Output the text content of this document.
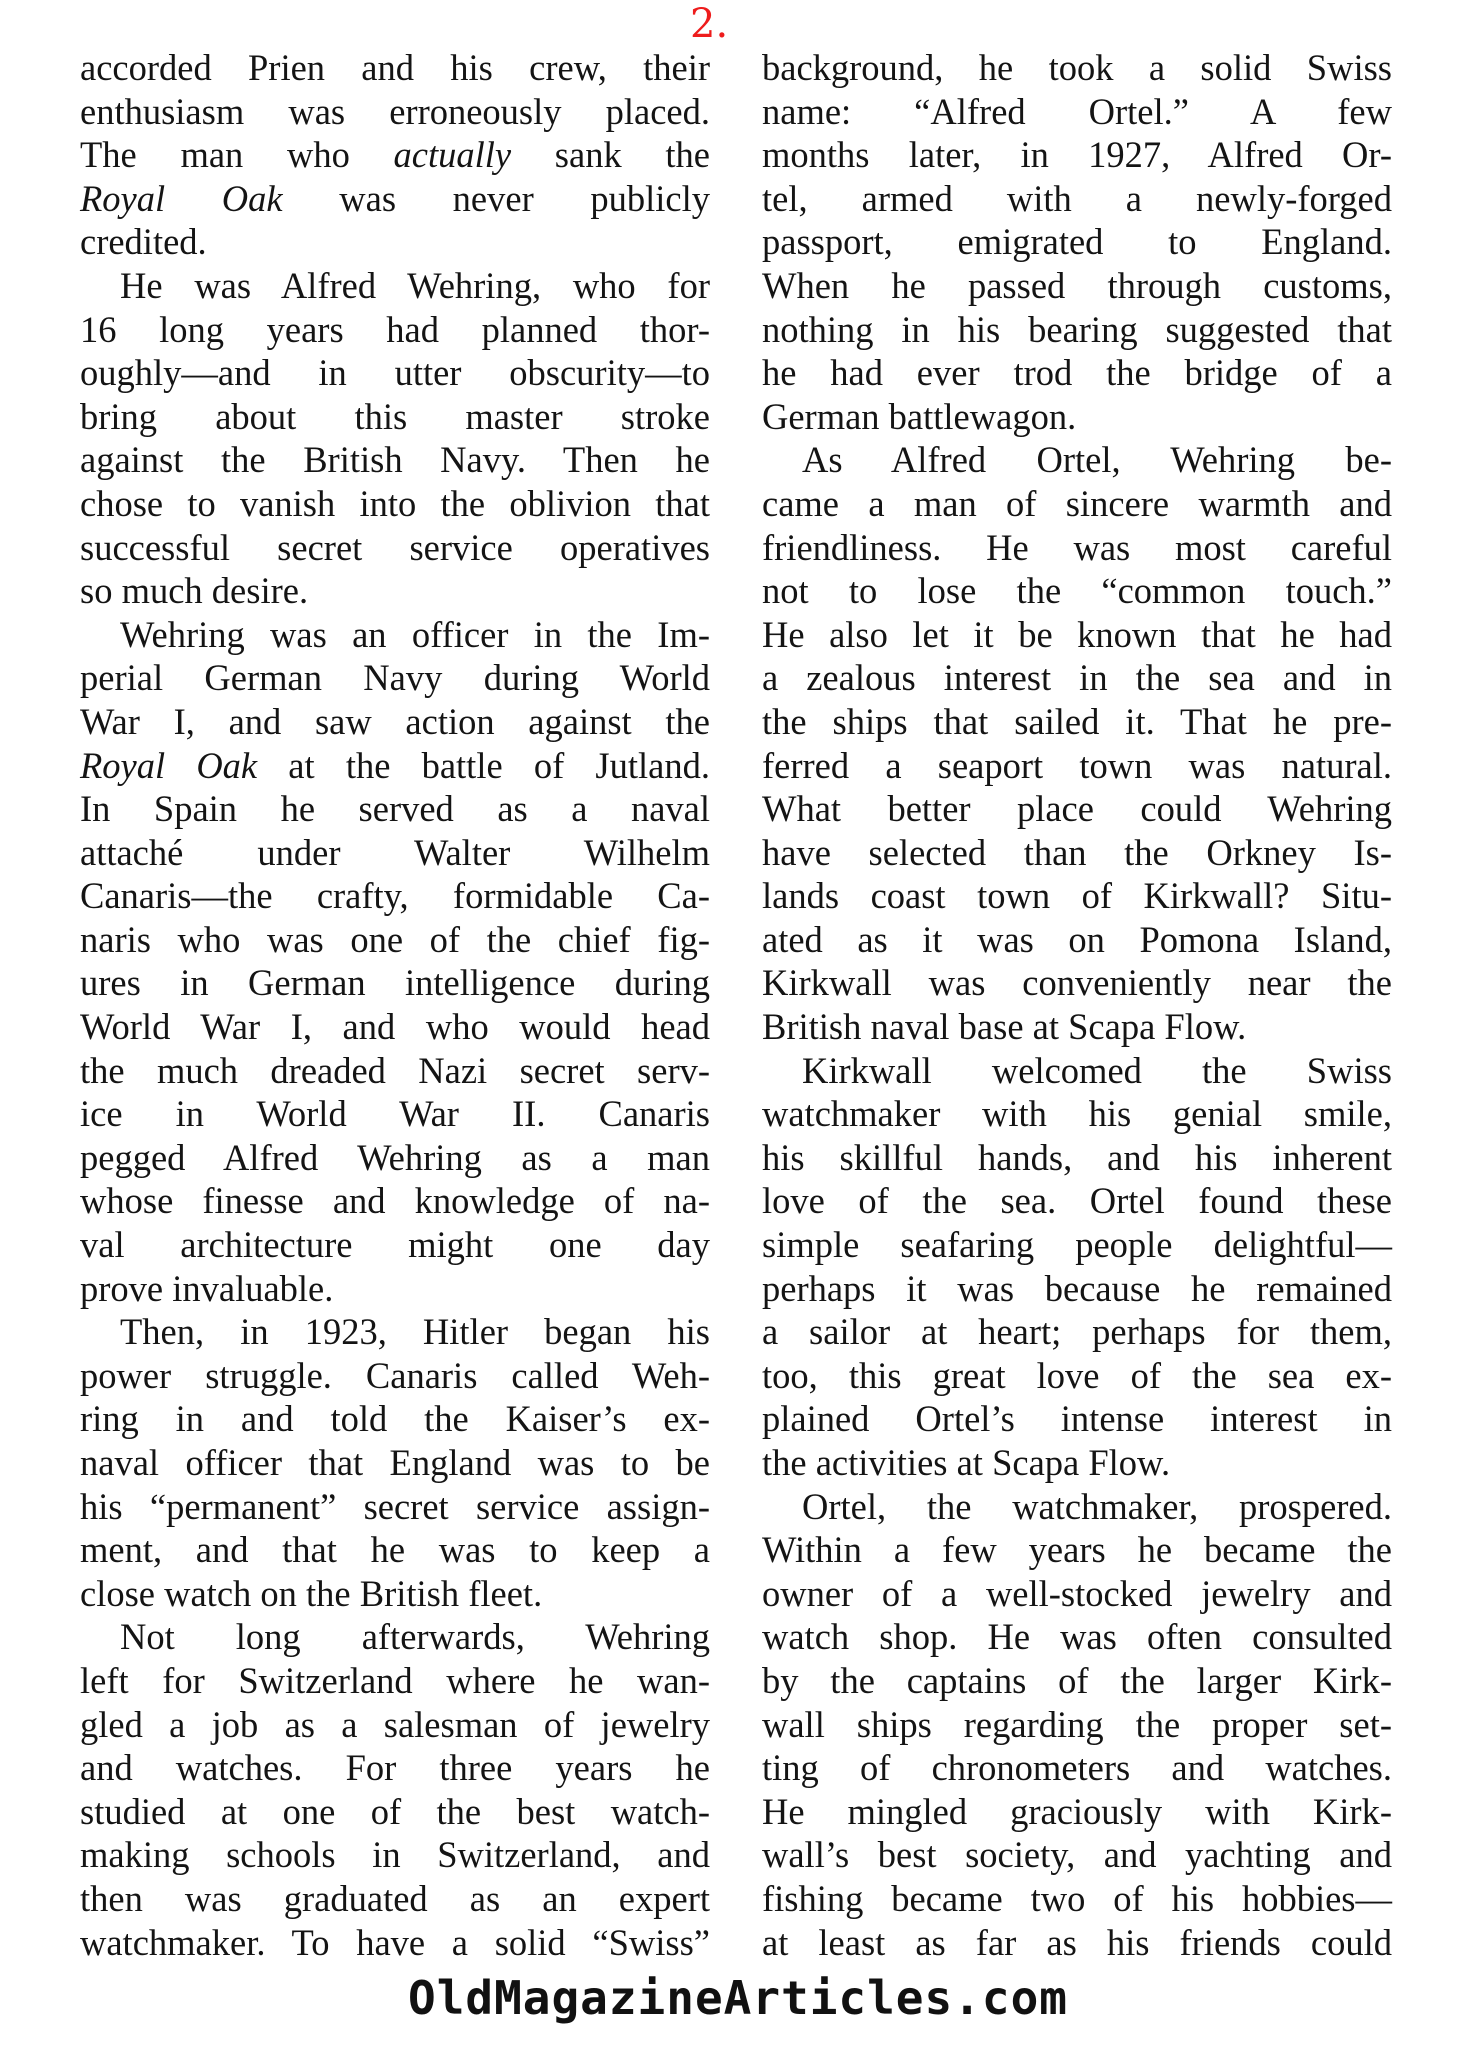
2.
accorded Prien and his crew, their
enthusiasm was erroneously placed.
The man who actually sank the
Royal Oak was never publicly
credited.
He was Alfred Wehring, who for
16 long years had planned thor-
oughly—and in utter obscurity—to
bring about this master stroke
against the British Navy. Then he
chose to vanish into the oblivion that
successful secret service operatives
so much desire.
Wehring was an officer in the Im-
perial German Navy during World
War I, and saw action against the
Royal Oak at the battle of Jutland.
In Spain he served as a naval
attaché under Walter Wilhelm
Canaris—the crafty, formidable Ca-
naris who was one of the chief fig-
ures in German intelligence during
World War I, and who would head
the much dreaded Nazi secret serv-
ice in World War II. Canaris
pegged Alfred Wehring as a man
whose finesse and knowledge of na-
val architecture might one day
prove invaluable.
Then, in 1923, Hitler began his
power struggle. Canaris called Weh-
ring in and told the Kaiser’s ex-
naval officer that England was to be
his “permanent” secret service assign-
ment, and that he was to keep a
close watch on the British fleet.
Not long afterwards, Wehring
left for Switzerland where he wan-
gled a job as a salesman of jewelry
and watches. For three years he
studied at one of the best watch-
making schools in Switzerland, and
then was graduated as an expert
watchmaker. To have a solid “Swiss”
background, he took a solid Swiss
name: “Alfred Ortel.” A few
months later, in 1927, Alfred Or-
tel, armed with a newly-forged
passport, emigrated to England.
When he passed through customs,
nothing in his bearing suggested that
he had ever trod the bridge of a
German battlewagon.
As Alfred Ortel, Wehring be-
came a man of sincere warmth and
friendliness. He was most careful
not to lose the “common touch.”
He also let it be known that he had
a zealous interest in the sea and in
the ships that sailed it. That he pre-
ferred a seaport town was natural.
What better place could Wehring
have selected than the Orkney Is-
lands coast town of Kirkwall? Situ-
ated as it was on Pomona Island,
Kirkwall was conveniently near the
British naval base at Scapa Flow.
Kirkwall welcomed the Swiss
watchmaker with his genial smile,
his skillful hands, and his inherent
love of the sea. Ortel found these
simple seafaring people delightful—
perhaps it was because he remained
a sailor at heart; perhaps for them,
too, this great love of the sea ex-
plained Ortel’s intense interest in
the activities at Scapa Flow.
Ortel, the watchmaker, prospered.
Within a few years he became the
owner of a well-stocked jewelry and
watch shop. He was often consulted
by the captains of the larger Kirk-
wall ships regarding the proper set-
ting of chronometers and watches.
He mingled graciously with Kirk-
wall’s best society, and yachting and
fishing became two of his hobbies—
at least as far as his friends could
OldMagazineArticles.com
